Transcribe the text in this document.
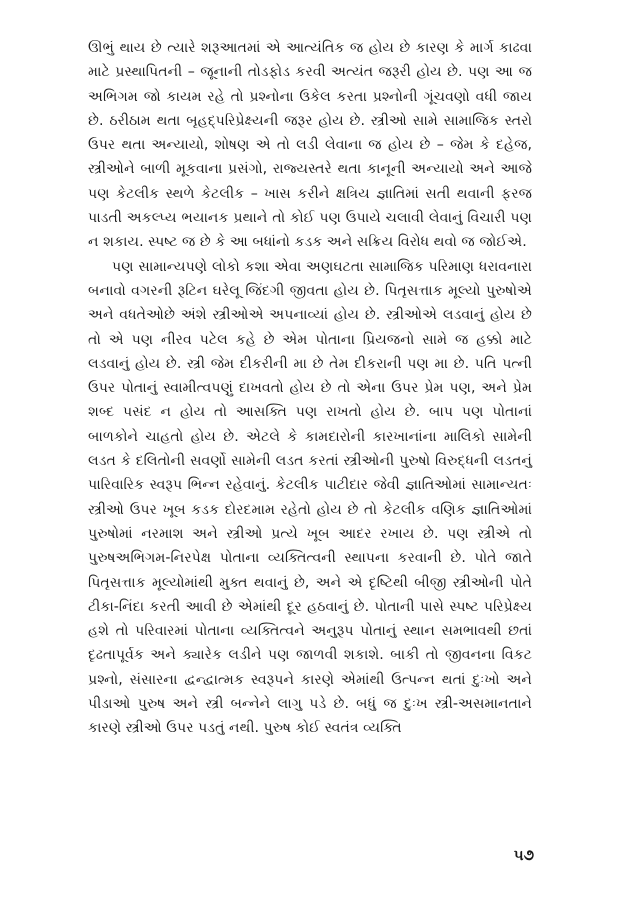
ઊભું થાય છે ત્યારે શરૂઆતમાં એ આત્યંતિક જ હોય છે કારણ કે માર્ગ કાઢવા માટે પ્રસ્થાપિતની – જૂનાની તોડફોડ કરવી અત્યંત જરૂરી હોય છે. પણ આ જ અભિગમ જો કાયમ રહે તો પ્રશ્નોના ઉકેલ કરતા પ્રશ્નોની ગૂંચવણો વધી જાય છે. ઠરીઠામ થતા બૃહદ્‌પરિપ્રેક્ષ્યની જરૂર હોય છે. સ્ત્રીઓ સામે સામાજિક સ્તરો ઉપર થતા અન્યાયો, શોષણ એ તો લડી લેવાના જ હોય છે – જેમ કે દહેજ, સ્ત્રીઓને બાળી મૂકવાના પ્રસંગો, રાજ્યસ્તરે થતા કાનૂની અન્યાયો અને આજે પણ કેટલીક સ્થળે કેટલીક – ખાસ કરીને ક્ષત્રિય જ્ઞાતિમાં સતી થવાની ફરજ પાડતી અકલ્પ્ય ભયાનક પ્રથાને તો કોઈ પણ ઉપાયે ચલાવી લેવાનું વિચારી પણ ન શકાય. સ્પષ્ટ જ છે કે આ બધાંનો કડક અને સક્રિય વિરોધ થવો જ જોઈએ.

પણ સામાન્યપણે લોકો કશા એવા અણઘટતા સામાજિક પરિમાણ ધરાવનારા બનાવો વગરની રૂટિન ઘરેલૂ જિંદગી જીવતા હોય છે. પિતૃસત્તાક મૂલ્યો પુરુષોએ અને વધતેઓછે અંશે સ્ત્રીઓએ અપનાવ્યાં હોય છે. સ્ત્રીઓએ લડવાનું હોય છે તો એ પણ નીરવ પટેલ કહે છે એમ પોતાના પ્રિયજનો સામે જ હક્કો માટે લડવાનું હોય છે. સ્ત્રી જેમ દીકરીની મા છે તેમ દીકરાની પણ મા છે. પતિ પત્ની ઉપર પોતાનું સ્વામીત્વપણું દાખવતો હોય છે તો એના ઉપર પ્રેમ પણ, અને પ્રેમ શબ્દ પસંદ ન હોય તો આસક્તિ પણ રાખતો હોય છે. બાપ પણ પોતાનાં બાળકોને ચાહતો હોય છે. એટલે કે કામદારોની કારખાનાંના માલિકો સામેની લડત કે દલિતોની સવર્ણો સામેની લડત કરતાં સ્ત્રીઓની પુરુષો વિરુદ્ધની લડતનું પારિવારિક સ્વરૂપ ભિન્ન રહેવાનું. કેટલીક પાટીદાર જેવી જ્ઞાતિઓમાં સામાન્યતઃ સ્ત્રીઓ ઉપર ખૂબ કડક દોરદમામ રહેતો હોય છે તો કેટલીક વણિક જ્ઞાતિઓમાં પુરુષોમાં નરમાશ અને સ્ત્રીઓ પ્રત્યે ખૂબ આદર રખાય છે. પણ સ્ત્રીએ તો પુરુષઅભિગમ-નિરપેક્ષ પોતાના વ્યક્તિત્વની સ્થાપના કરવાની છે. પોતે જાતે પિતૃસત્તાક મૂલ્યોમાંથી મુક્ત થવાનું છે, અને એ દૃષ્ટિથી બીજી સ્ત્રીઓની પોતે ટીકા-નિંદા કરતી આવી છે એમાંથી દૂર હઠવાનું છે. પોતાની પાસે સ્પષ્ટ પરિપ્રેક્ષ્ય હશે તો પરિવારમાં પોતાના વ્યક્તિત્વને અનુરૂપ પોતાનું સ્થાન સમભાવથી છતાં દૃઢતાપૂર્વક અને ક્યારેક લડીને પણ જાળવી શકાશે. બાકી તો જીવનના વિકટ પ્રશ્નો, સંસારના દ્વન્દ્વાત્મક સ્વરૂપને કારણે એમાંથી ઉત્પન્ન થતાં દુઃખો અને પીડાઓ પુરુષ અને સ્ત્રી બન્નેને લાગુ પડે છે. બધું જ દુઃખ સ્ત્રી-અસમાનતાને કારણે સ્ત્રીઓ ઉપર પડતું નથી. પુરુષ કોઈ સ્વતંત્ર વ્યક્તિ

૫૭
